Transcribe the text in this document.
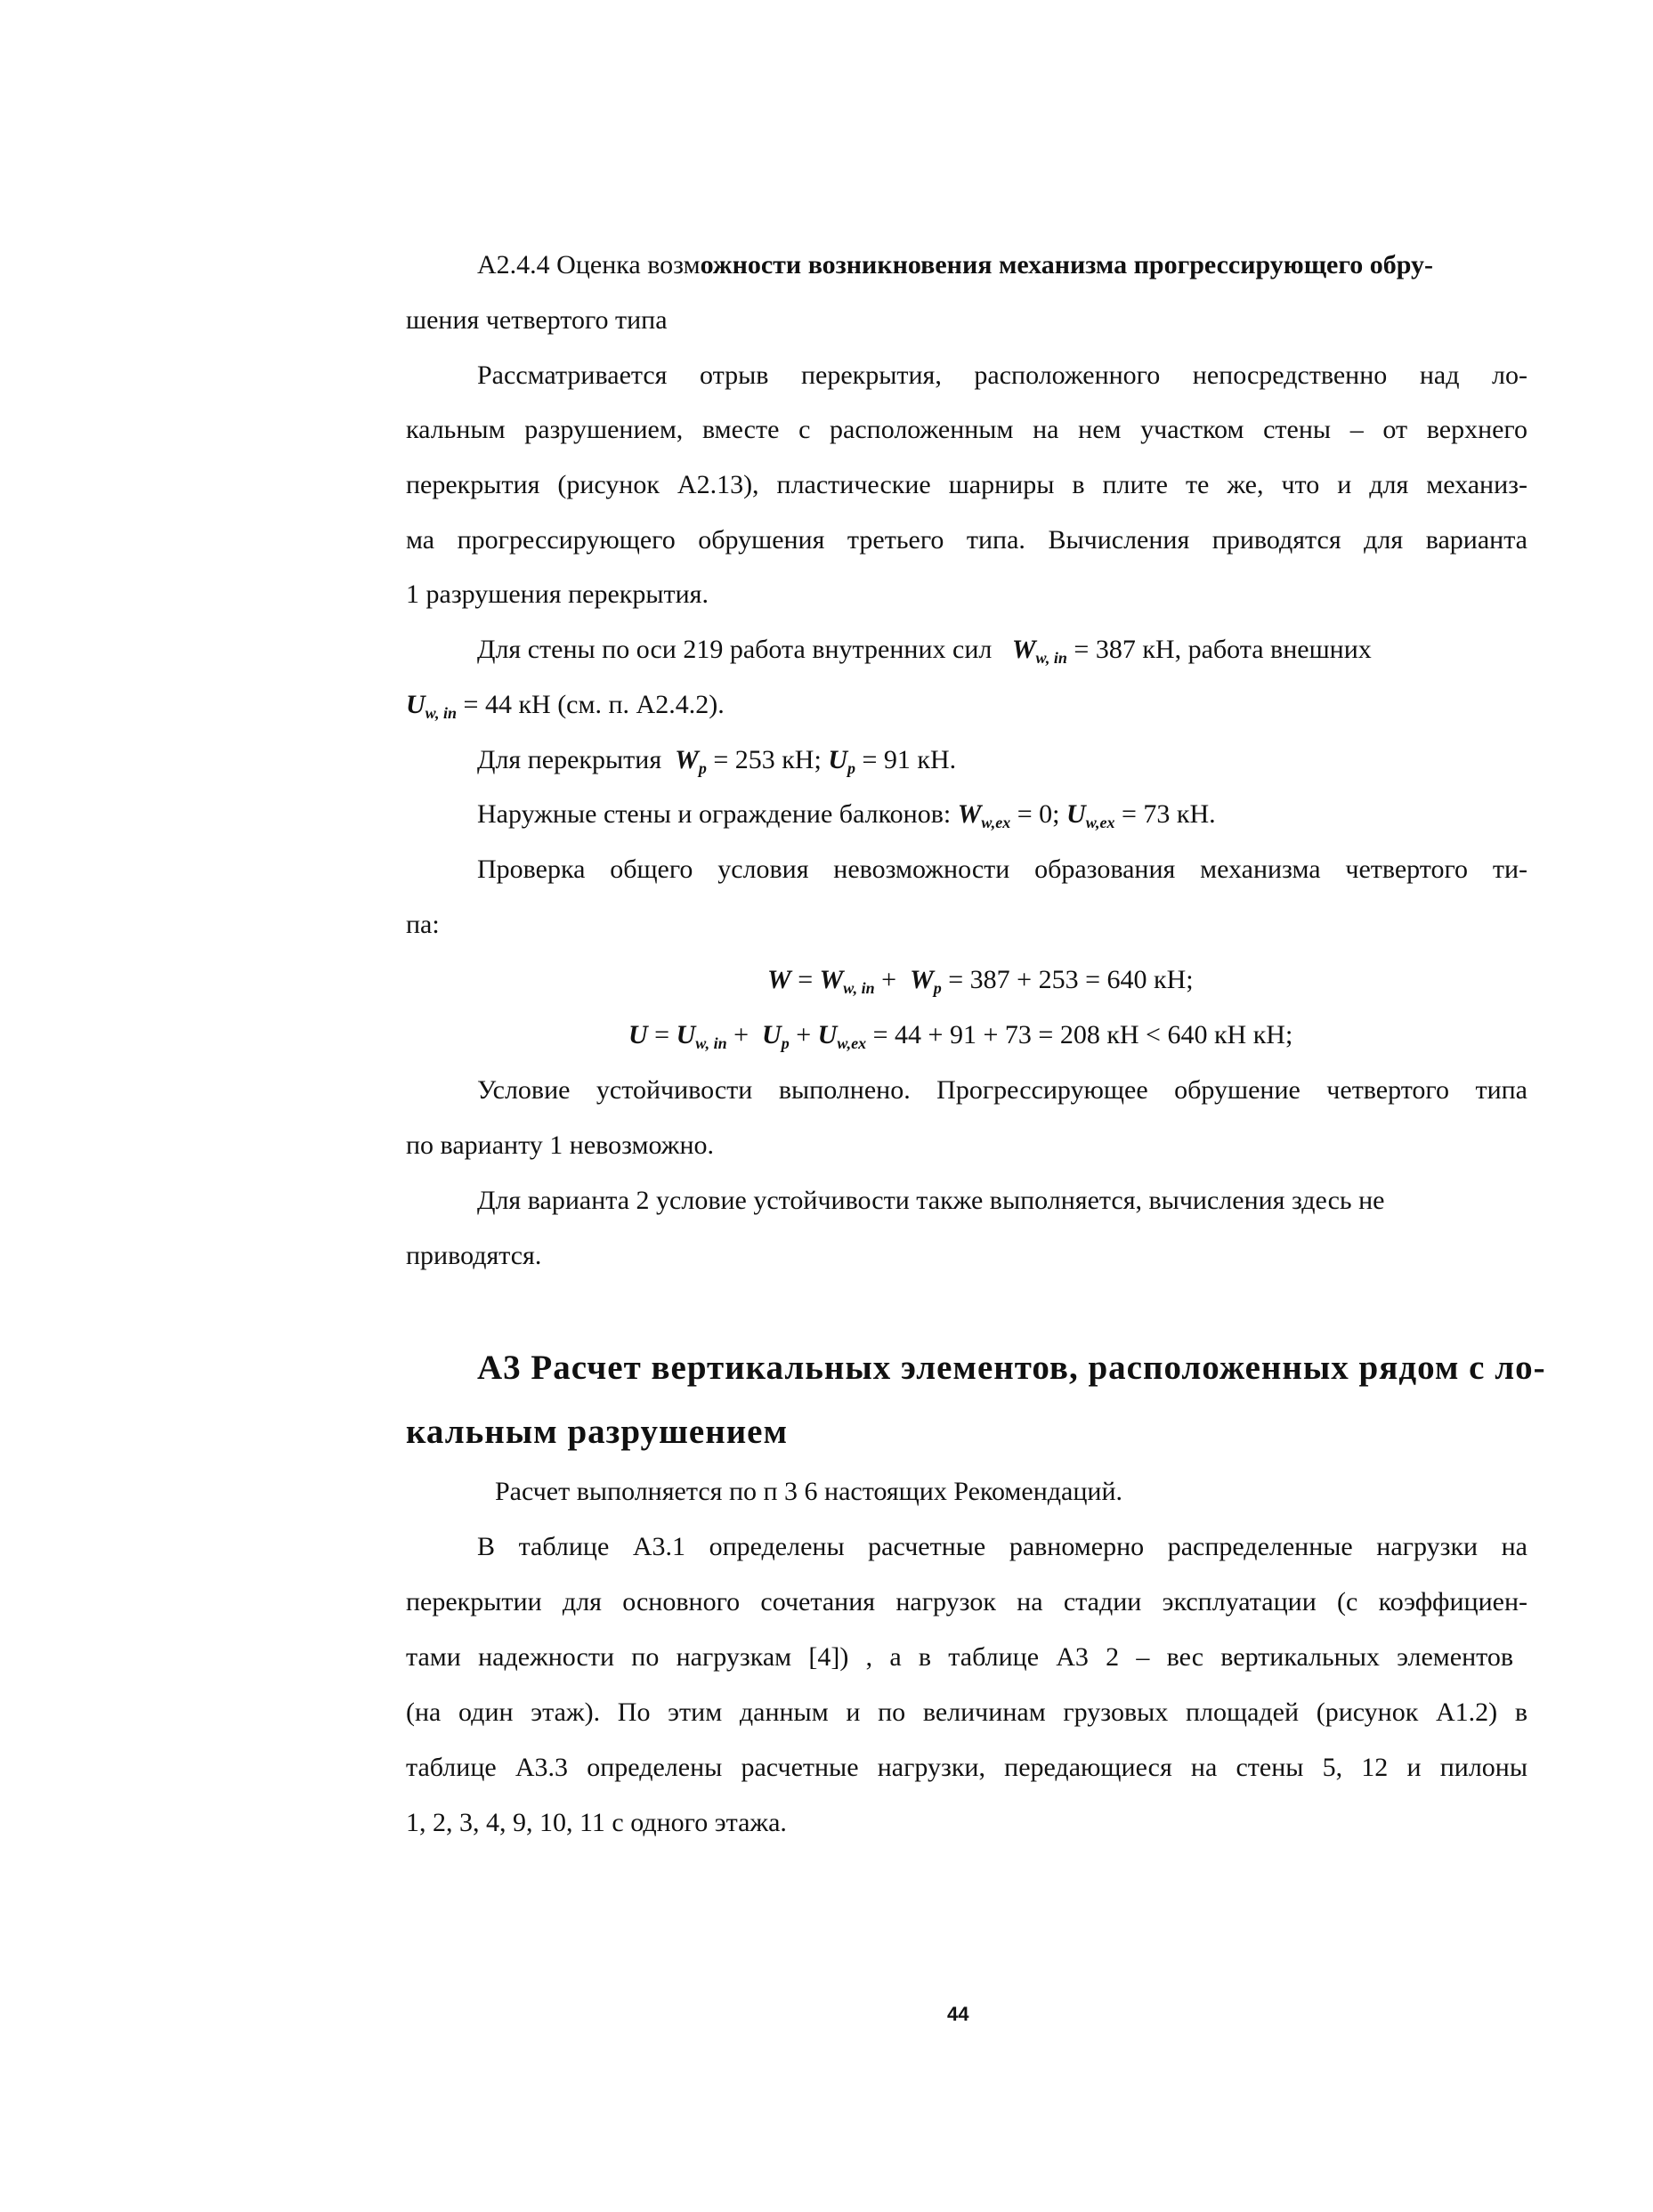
А2.4.4 Оценка возможности возникновения механизма прогрессирующего обру-
шения четвертого типа
Рассматривается отрыв перекрытия, расположенного непосредственно над ло-
кальным разрушением, вместе с расположенным на нем участком стены – от верхнего
перекрытия (рисунок А2.13), пластические шарниры в плите те же, что и для механиз-
ма прогрессирующего обрушения третьего типа. Вычисления приводятся для варианта
1 разрушения перекрытия.
Для стены по оси 219 работа внутренних сил $W_{w, in} = 387$ кН, работа внешних
$U_{w, in} = 44$ кН (см. п. А2.4.2).
Для перекрытия $W_p = 253$ кН; $U_p = 91$ кН.
Наружные стены и ограждение балконов: $W_{w,ex} = 0$; $U_{w,ex} = 73$ кН.
Проверка общего условия невозможности образования механизма четвертого ти-
па:
$W = W_{w, in} + W_p = 387 + 253 = 640$ кН;
$U = U_{w, in} + U_p + U_{w,ex} = 44 + 91 + 73 = 208$ кН < 640 кН кН;
Условие устойчивости выполнено. Прогрессирующее обрушение четвертого типа
по варианту 1 невозможно.
Для варианта 2 условие устойчивости также выполняется, вычисления здесь не
приводятся.
А3 Расчет вертикальных элементов, расположенных рядом с ло-
кальным разрушением
Расчет выполняется по п 3 6 настоящих Рекомендаций.
В таблице А3.1 определены расчетные равномерно распределенные нагрузки на
перекрытии для основного сочетания нагрузок на стадии эксплуатации (с коэффициен-
тами надежности по нагрузкам [4]) , а в таблице А3 2 – вес вертикальных элементов
(на один этаж). По этим данным и по величинам грузовых площадей (рисунок А1.2) в
таблице А3.3 определены расчетные нагрузки, передающиеся на стены 5, 12 и пилоны
1, 2, 3, 4, 9, 10, 11 с одного этажа.
44
